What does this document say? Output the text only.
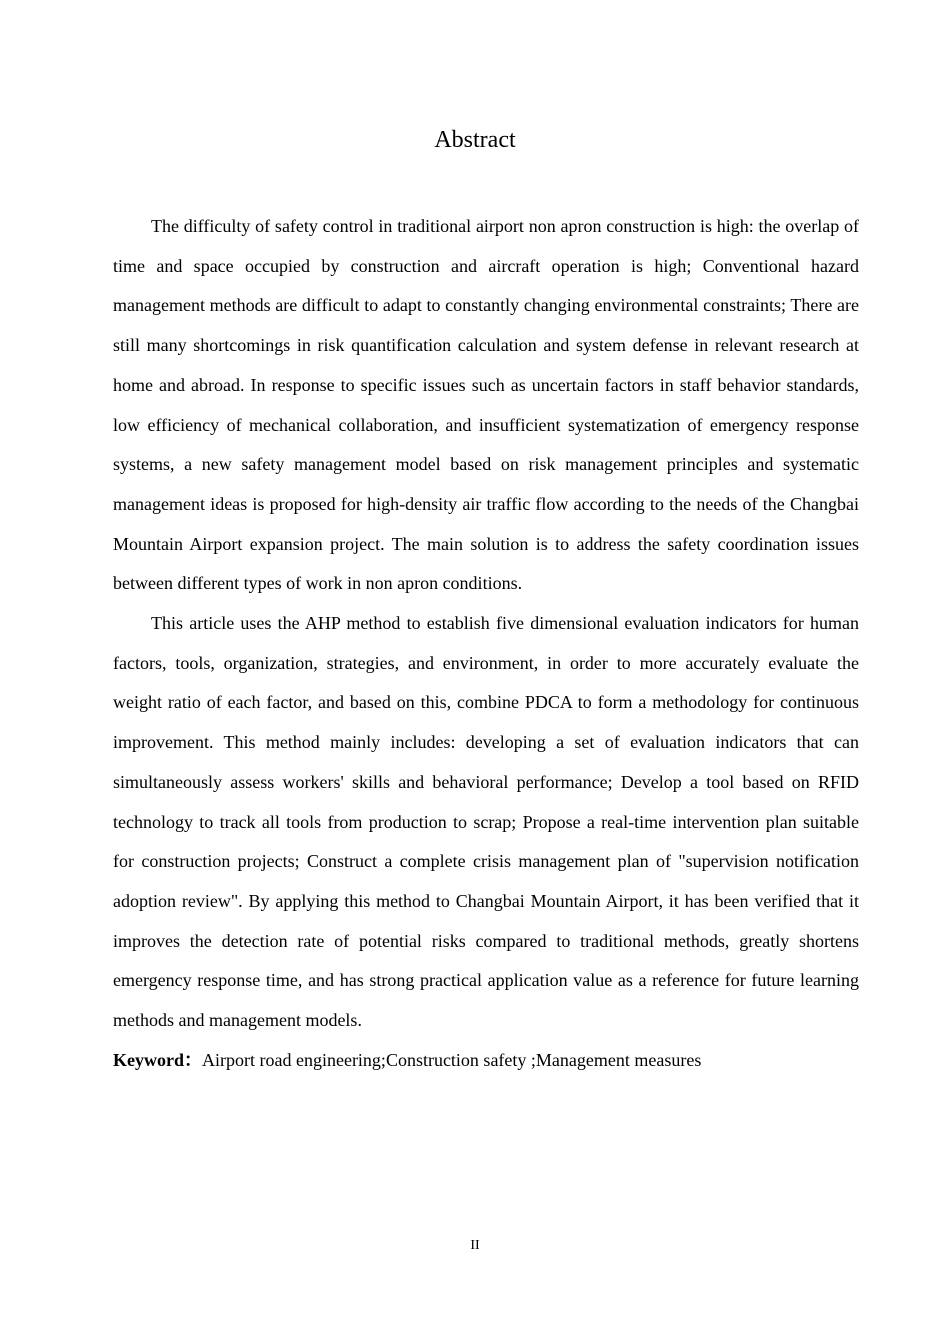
Abstract

The difficulty of safety control in traditional airport non apron construction is high: the overlap of time and space occupied by construction and aircraft operation is high; Conventional hazard management methods are difficult to adapt to constantly changing environmental constraints; There are still many shortcomings in risk quantification calculation and system defense in relevant research at home and abroad. In response to specific issues such as uncertain factors in staff behavior standards, low efficiency of mechanical collaboration, and insufficient systematization of emergency response systems, a new safety management model based on risk management principles and systematic management ideas is proposed for high-density air traffic flow according to the needs of the Changbai Mountain Airport expansion project. The main solution is to address the safety coordination issues between different types of work in non apron conditions.

This article uses the AHP method to establish five dimensional evaluation indicators for human factors, tools, organization, strategies, and environment, in order to more accurately evaluate the weight ratio of each factor, and based on this, combine PDCA to form a methodology for continuous improvement. This method mainly includes: developing a set of evaluation indicators that can simultaneously assess workers' skills and behavioral performance; Develop a tool based on RFID technology to track all tools from production to scrap; Propose a real-time intervention plan suitable for construction projects; Construct a complete crisis management plan of "supervision notification adoption review". By applying this method to Changbai Mountain Airport, it has been verified that it improves the detection rate of potential risks compared to traditional methods, greatly shortens emergency response time, and has strong practical application value as a reference for future learning methods and management models.

Keyword：Airport road engineering;Construction safety ;Management measures

II
